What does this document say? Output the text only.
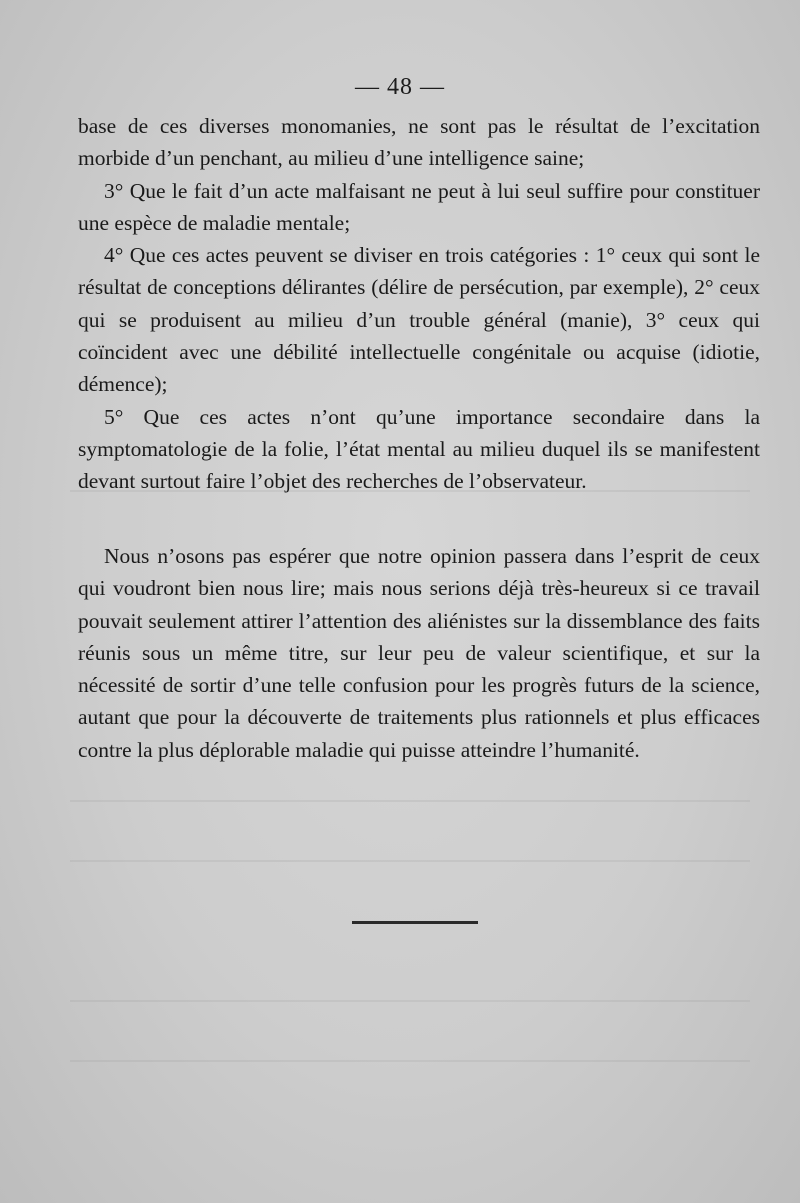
— 48 —

base de ces diverses monomanies, ne sont pas le résultat de l’excitation morbide d’un penchant, au milieu d’une intelligence saine;

3° Que le fait d’un acte malfaisant ne peut à lui seul suffire pour constituer une espèce de maladie mentale;

4° Que ces actes peuvent se diviser en trois catégories : 1° ceux qui sont le résultat de conceptions délirantes (délire de persécution, par exemple), 2° ceux qui se produisent au milieu d’un trouble général (manie), 3° ceux qui coïncident avec une débilité intellectuelle congénitale ou acquise (idiotie, démence);

5° Que ces actes n’ont qu’une importance secondaire dans la symptomatologie de la folie, l’état mental au milieu duquel ils se manifestent devant surtout faire l’objet des recherches de l’observateur.

Nous n’osons pas espérer que notre opinion passera dans l’esprit de ceux qui voudront bien nous lire; mais nous serions déjà très-heureux si ce travail pouvait seulement attirer l’attention des aliénistes sur la dissemblance des faits réunis sous un même titre, sur leur peu de valeur scientifique, et sur la nécessité de sortir d’une telle confusion pour les progrès futurs de la science, autant que pour la découverte de traitements plus rationnels et plus efficaces contre la plus déplorable maladie qui puisse atteindre l’humanité.
